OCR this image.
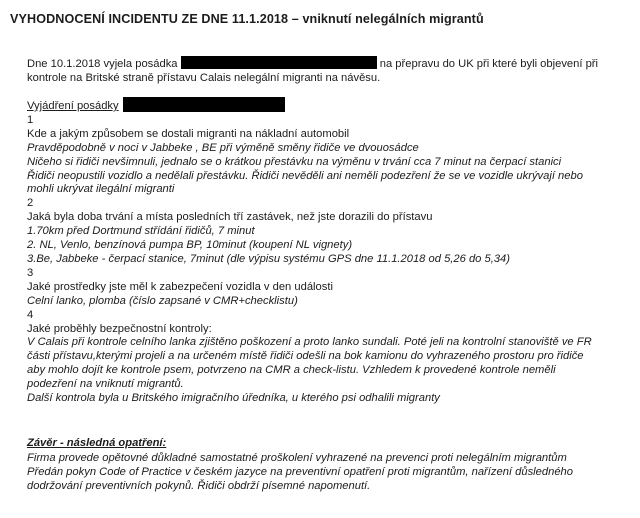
VYHODNOCENÍ INCIDENTU ZE DNE 11.1.2018 – vniknutí nelegálních migrantů
Dne 10.1.2018 vyjela posádka	na přepravu do UK při které byli objevení při
kontrole na Britské straně přístavu Calais nelegální migranti na návěsu.
Vyjádření posádky
1
Kde a jakým způsobem se dostali migranti na nákladní automobil
Pravděpodobně v noci v Jabbeke , BE při výměně směny řidiče ve dvouosádce
Ničeho si řidiči nevšimnuli, jednalo se o krátkou přestávku na výměnu v trvání cca 7 minut na čerpací stanici
Řidiči neopustili vozidlo a nedělali přestávku. Řidiči nevěděli ani neměli podezření že se ve vozidle ukrývají nebo
mohli ukrývat ilegální migranti
2
Jaká byla doba trvání a místa posledních tří zastávek, než jste dorazili do přístavu
1.70km před Dortmund střídání řidičů, 7 minut
2. NL, Venlo, benzínová pumpa BP, 10minut (koupení NL vignety)
3.Be, Jabbeke - čerpací stanice, 7minut (dle výpisu systému GPS dne 11.1.2018 od 5,26 do 5,34)
3
Jaké prostředky jste měl k zabezpečení vozidla v den události
Celní lanko, plomba (číslo zapsané v CMR+checklistu)
4
Jaké proběhly bezpečnostní kontroly:
V Calais při kontrole celního lanka zjištěno poškození a proto lanko sundali. Poté jeli na kontrolní stanoviště ve FR
části přístavu,kterými projeli a na určeném místě řidiči odešli na bok kamionu do vyhrazeného prostoru pro řidiče
aby mohlo dojít ke kontrole psem, potvrzeno na CMR a check-listu. Vzhledem k provedené kontrole neměli
podezření na vniknutí migrantů.
Další kontrola byla u Britského imigračního úředníka, u kterého psi odhalili migranty
Závěr - následná opatření:
Firma provede opětovné důkladné samostatné proškolení vyhrazené na prevenci proti nelegálním migrantům
Předán pokyn Code of Practice v českém jazyce na preventivní opatření proti migrantům, nařízení důsledného
dodržování preventivních pokynů. Řidiči obdrží písemné napomenutí.
